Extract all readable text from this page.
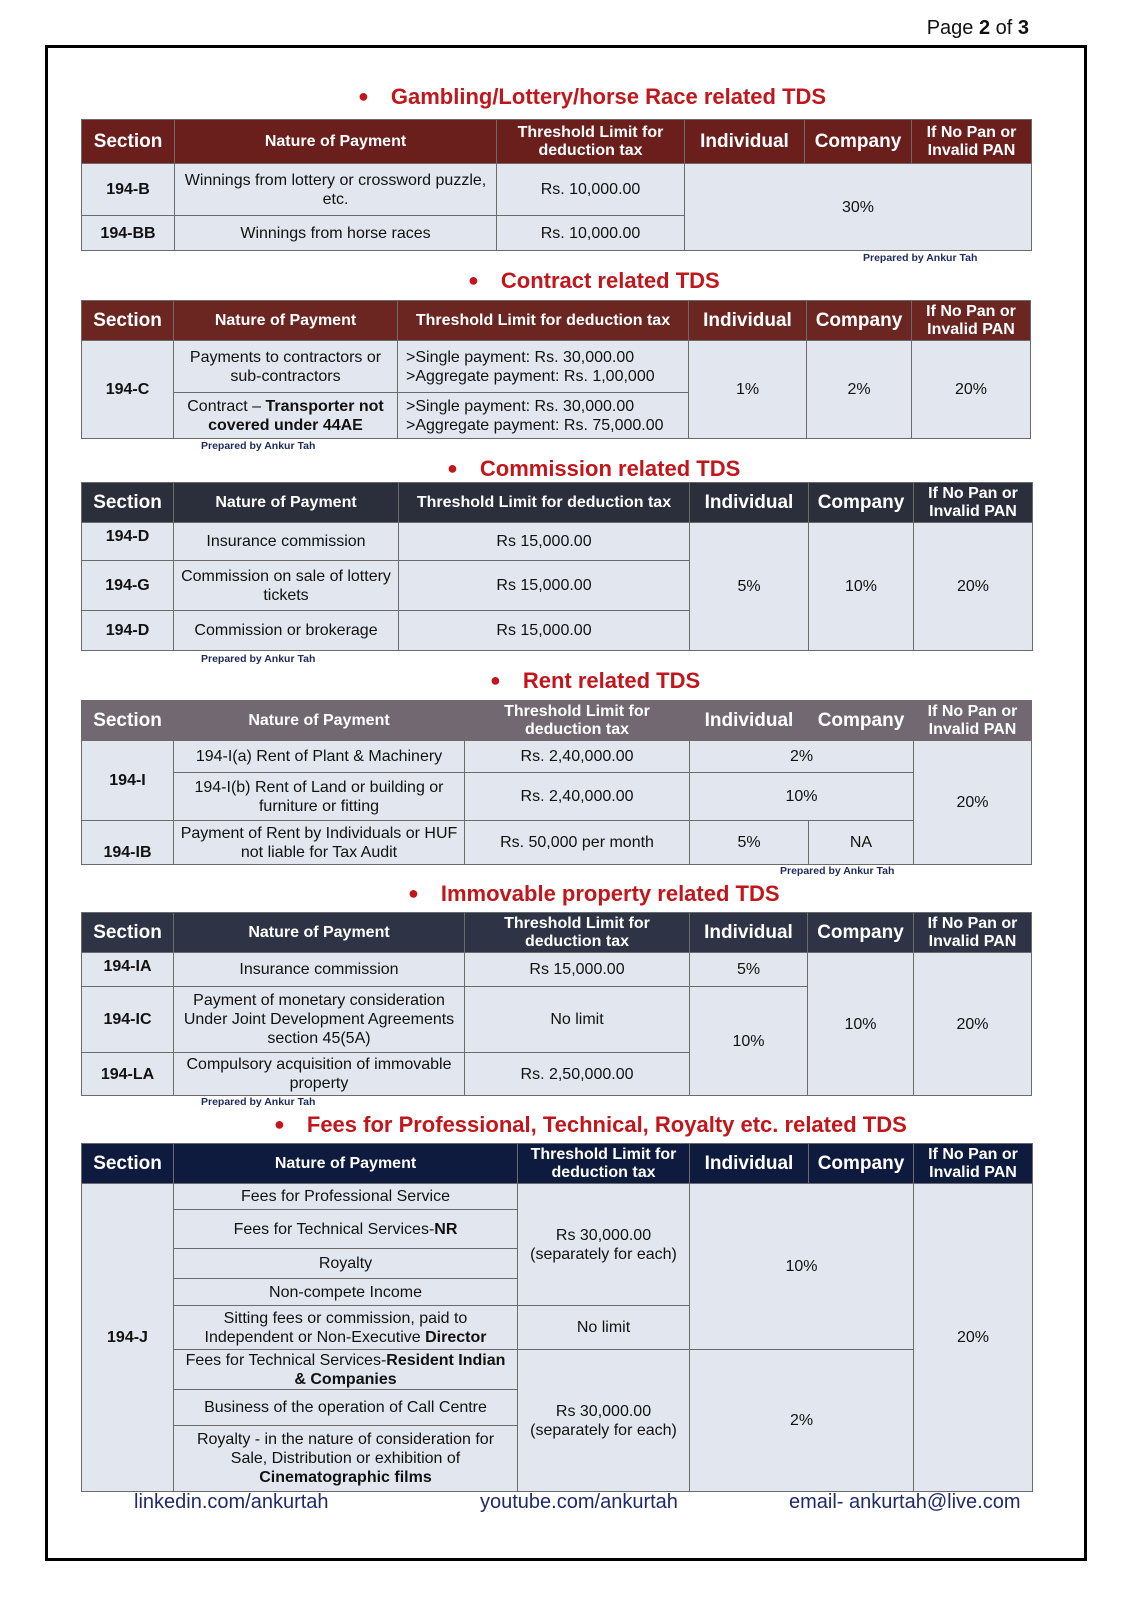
Page 2 of 3
● Gambling/Lottery/horse Race related TDS
Section	Nature of Payment	Threshold Limit for deduction tax	Individual	Company	If No Pan or Invalid PAN
194-B	Winnings from lottery or crossword puzzle, etc.	Rs. 10,000.00	30%		
194-BB	Winnings from horse races	Rs. 10,000.00			
Prepared by Ankur Tah
● Contract related TDS
Section	Nature of Payment	Threshold Limit for deduction tax	Individual	Company	If No Pan or Invalid PAN
194-C	Payments to contractors or sub-contractors	>Single payment: Rs. 30,000.00
>Aggregate payment: Rs. 1,00,000	1%	2%	20%
	Contract – Transporter not covered under 44AE	>Single payment: Rs. 30,000.00
>Aggregate payment: Rs. 75,000.00			
Prepared by Ankur Tah
● Commission related TDS
Section	Nature of Payment	Threshold Limit for deduction tax	Individual	Company	If No Pan or Invalid PAN
194-D	Insurance commission	Rs 15,000.00	5%	10%	20%
194-G	Commission on sale of lottery tickets	Rs 15,000.00			
194-D	Commission or brokerage	Rs 15,000.00			
Prepared by Ankur Tah
● Rent related TDS
Section	Nature of Payment	Threshold Limit for deduction tax	Individual	Company	If No Pan or Invalid PAN
194-I	194-I(a) Rent of Plant & Machinery	Rs. 2,40,000.00	2%		20%
	194-I(b) Rent of Land or building or furniture or fitting	Rs. 2,40,000.00	10%		
194-IB	Payment of Rent by Individuals or HUF not liable for Tax Audit	Rs. 50,000 per month	5%	NA	
Prepared by Ankur Tah
● Immovable property related TDS
Section	Nature of Payment	Threshold Limit for deduction tax	Individual	Company	If No Pan or Invalid PAN
194-IA	Insurance commission	Rs 15,000.00	5%	10%	20%
194-IC	Payment of monetary consideration Under Joint Development Agreements section 45(5A)	No limit	10%		
194-LA	Compulsory acquisition of immovable property	Rs. 2,50,000.00			
Prepared by Ankur Tah
● Fees for Professional, Technical, Royalty etc. related TDS
Section	Nature of Payment	Threshold Limit for deduction tax	Individual	Company	If No Pan or Invalid PAN
194-J	Fees for Professional Service	Rs 30,000.00 (separately for each)	10%		20%
	Fees for Technical Services-NR				
	Royalty				
	Non-compete Income				
	Sitting fees or commission, paid to Independent or Non-Executive Director	No limit			
	Fees for Technical Services-Resident Indian & Companies	Rs 30,000.00 (separately for each)	2%		
	Business of the operation of Call Centre				
	Royalty - in the nature of consideration for Sale, Distribution or exhibition of Cinematographic films				
linkedin.com/ankurtah	youtube.com/ankurtah	email- ankurtah@live.com
